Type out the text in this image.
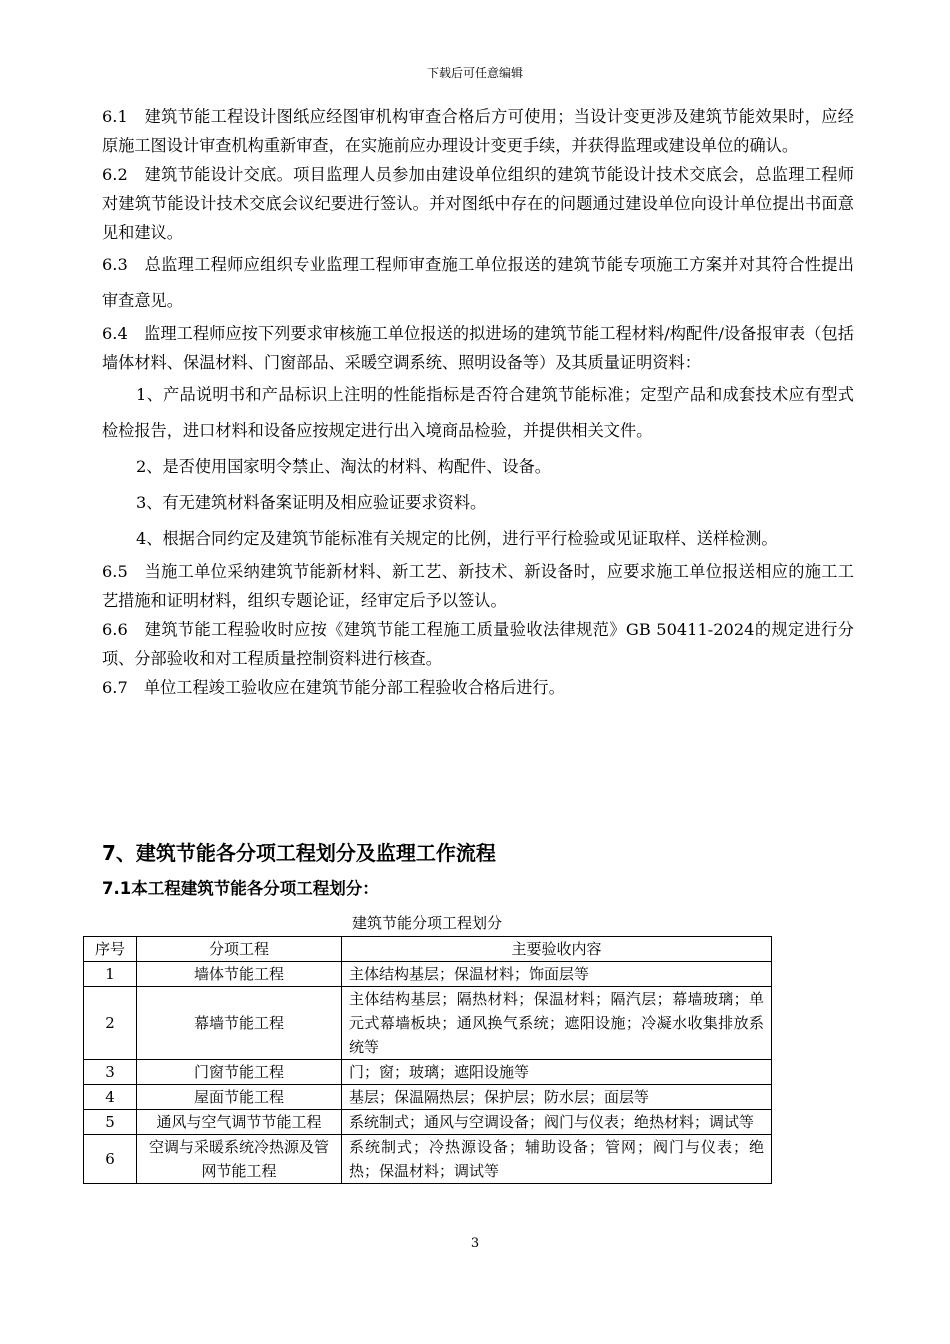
下载后可任意编辑

6.1　建筑节能工程设计图纸应经图审机构审查合格后方可使用；当设计变更涉及建筑节能效果时，应经原施工图设计审查机构重新审查，在实施前应办理设计变更手续，并获得监理或建设单位的确认。

6.2　建筑节能设计交底。项目监理人员参加由建设单位组织的建筑节能设计技术交底会，总监理工程师对建筑节能设计技术交底会议纪要进行签认。并对图纸中存在的问题通过建设单位向设计单位提出书面意见和建议。

6.3　总监理工程师应组织专业监理工程师审查施工单位报送的建筑节能专项施工方案并对其符合性提出审查意见。

6.4　监理工程师应按下列要求审核施工单位报送的拟进场的建筑节能工程材料/构配件/设备报审表（包括墙体材料、保温材料、门窗部品、采暖空调系统、照明设备等）及其质量证明资料：

1、产品说明书和产品标识上注明的性能指标是否符合建筑节能标准；定型产品和成套技术应有型式检检报告，进口材料和设备应按规定进行出入境商品检验，并提供相关文件。

2、是否使用国家明令禁止、淘汰的材料、构配件、设备。

3、有无建筑材料备案证明及相应验证要求资料。

4、根据合同约定及建筑节能标准有关规定的比例，进行平行检验或见证取样、送样检测。

6.5　当施工单位采纳建筑节能新材料、新工艺、新技术、新设备时，应要求施工单位报送相应的施工工艺措施和证明材料，组织专题论证，经审定后予以签认。

6.6　建筑节能工程验收时应按《建筑节能工程施工质量验收法律规范》GB 50411-2024的规定进行分项、分部验收和对工程质量控制资料进行核查。

6.7　单位工程竣工验收应在建筑节能分部工程验收合格后进行。

7、建筑节能各分项工程划分及监理工作流程
7.1本工程建筑节能各分项工程划分：
建筑节能分项工程划分
序号	分项工程	主要验收内容
1	墙体节能工程	主体结构基层；保温材料；饰面层等
2	幕墙节能工程	主体结构基层；隔热材料；保温材料；隔汽层；幕墙玻璃；单元式幕墙板块；通风换气系统；遮阳设施；冷凝水收集排放系统等
3	门窗节能工程	门；窗；玻璃；遮阳设施等
4	屋面节能工程	基层；保温隔热层；保护层；防水层；面层等
5	通风与空气调节节能工程	系统制式；通风与空调设备；阀门与仪表；绝热材料；调试等
6	空调与采暖系统冷热源及管网节能工程	系统制式；冷热源设备；辅助设备；管网；阀门与仪表；绝热；保温材料；调试等
3
